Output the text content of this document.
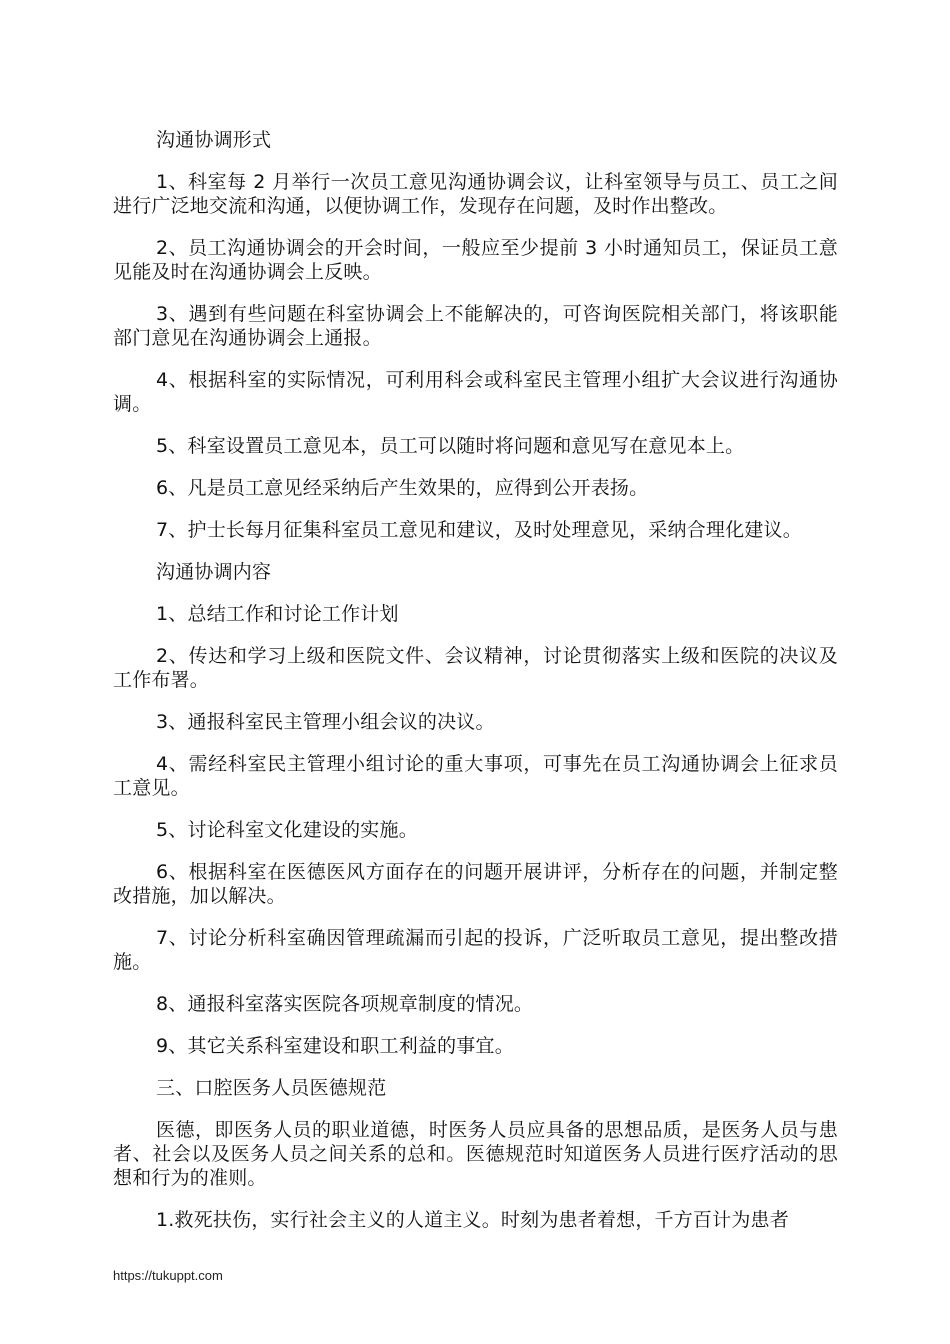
沟通协调形式

1、科室每 2 月举行一次员工意见沟通协调会议，让科室领导与员工、员工之间进行广泛地交流和沟通，以便协调工作，发现存在问题，及时作出整改。

2、员工沟通协调会的开会时间，一般应至少提前 3 小时通知员工，保证员工意见能及时在沟通协调会上反映。

3、遇到有些问题在科室协调会上不能解决的，可咨询医院相关部门，将该职能部门意见在沟通协调会上通报。

4、根据科室的实际情况，可利用科会或科室民主管理小组扩大会议进行沟通协调。

5、科室设置员工意见本，员工可以随时将问题和意见写在意见本上。

6、凡是员工意见经采纳后产生效果的，应得到公开表扬。

7、护士长每月征集科室员工意见和建议，及时处理意见，采纳合理化建议。

沟通协调内容

1、总结工作和讨论工作计划

2、传达和学习上级和医院文件、会议精神，讨论贯彻落实上级和医院的决议及工作布署。

3、通报科室民主管理小组会议的决议。

4、需经科室民主管理小组讨论的重大事项，可事先在员工沟通协调会上征求员工意见。

5、讨论科室文化建设的实施。

6、根据科室在医德医风方面存在的问题开展讲评，分析存在的问题，并制定整改措施，加以解决。

7、讨论分析科室确因管理疏漏而引起的投诉，广泛听取员工意见，提出整改措施。

8、通报科室落实医院各项规章制度的情况。

9、其它关系科室建设和职工利益的事宜。

三、口腔医务人员医德规范

医德，即医务人员的职业道德，时医务人员应具备的思想品质，是医务人员与患者、社会以及医务人员之间关系的总和。医德规范时知道医务人员进行医疗活动的思想和行为的准则。

1.救死扶伤，实行社会主义的人道主义。时刻为患者着想，千方百计为患者

https://tukuppt.com
